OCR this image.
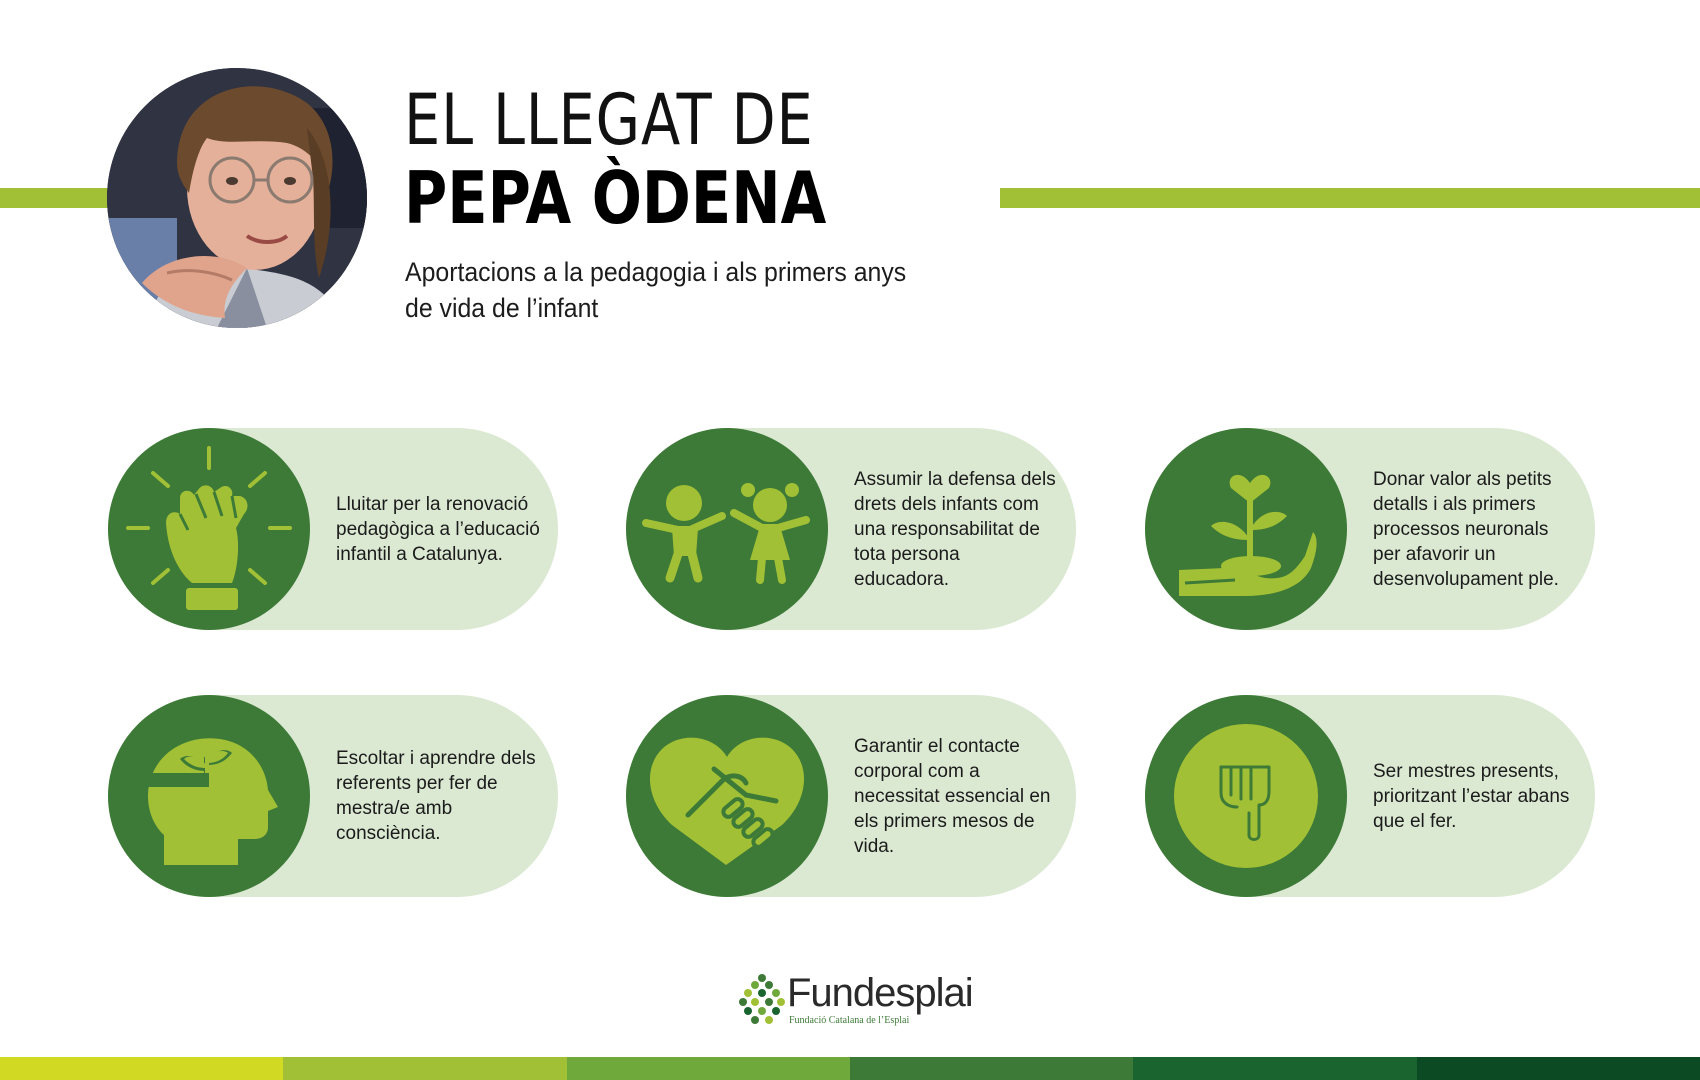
EL LLEGAT DE
PEPA ÒDENA
Aportacions a la pedagogia i als primers anys de vida de l’infant
Lluitar per la renovació pedagògica a l’educació infantil a Catalunya.
Assumir la defensa dels drets dels infants com una responsabilitat de tota persona educadora.
Donar valor als petits detalls i als primers processos neuronals per afavorir un desenvolupament ple.
Escoltar i aprendre dels referents per fer de mestra/e amb consciència.
Garantir el contacte corporal com a necessitat essencial en els primers mesos de vida.
Ser mestres presents, prioritzant l’estar abans que el fer.
Fundesplai
Fundació Catalana de l’Esplai
